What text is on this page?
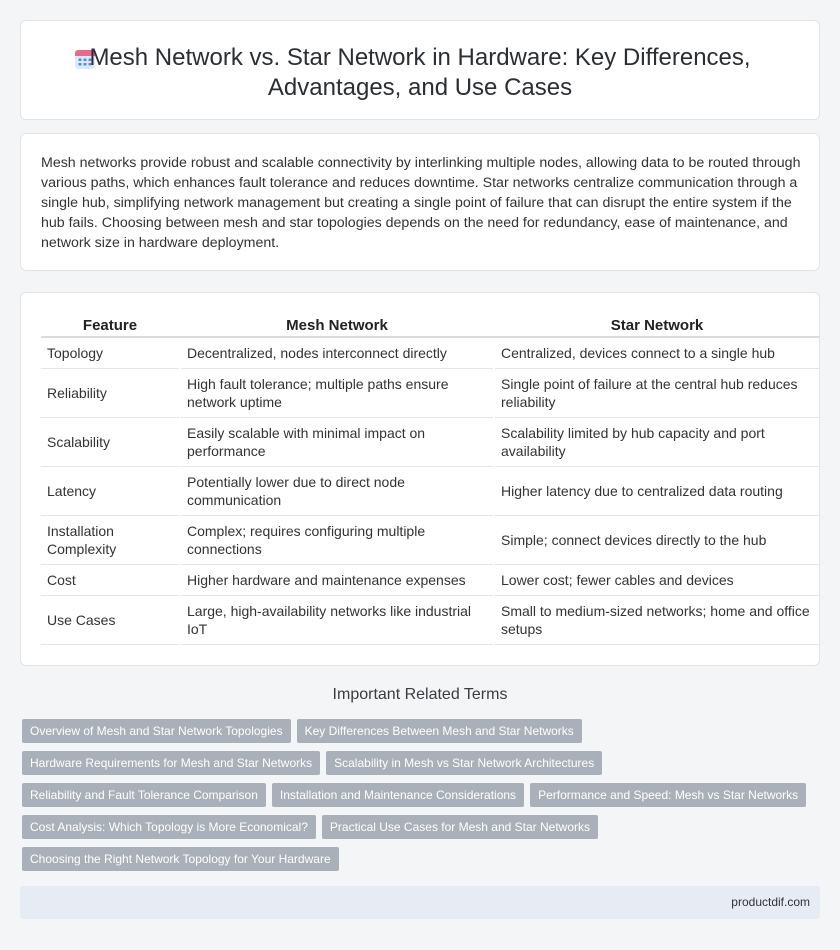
Mesh Network vs. Star Network in Hardware: Key Differences, Advantages, and Use Cases

Mesh networks provide robust and scalable connectivity by interlinking multiple nodes, allowing data to be routed through various paths, which enhances fault tolerance and reduces downtime. Star networks centralize communication through a single hub, simplifying network management but creating a single point of failure that can disrupt the entire system if the hub fails. Choosing between mesh and star topologies depends on the need for redundancy, ease of maintenance, and network size in hardware deployment.

Feature	Mesh Network	Star Network
Topology	Decentralized, nodes interconnect directly	Centralized, devices connect to a single hub
Reliability	High fault tolerance; multiple paths ensure network uptime	Single point of failure at the central hub reduces reliability
Scalability	Easily scalable with minimal impact on performance	Scalability limited by hub capacity and port availability
Latency	Potentially lower due to direct node communication	Higher latency due to centralized data routing
Installation Complexity	Complex; requires configuring multiple connections	Simple; connect devices directly to the hub
Cost	Higher hardware and maintenance expenses	Lower cost; fewer cables and devices
Use Cases	Large, high-availability networks like industrial IoT	Small to medium-sized networks; home and office setups
Important Related Terms
Overview of Mesh and Star Network Topologies Key Differences Between Mesh and Star Networks
Hardware Requirements for Mesh and Star Networks Scalability in Mesh vs Star Network Architectures
Reliability and Fault Tolerance Comparison Installation and Maintenance Considerations Performance and Speed: Mesh vs Star Networks
Cost Analysis: Which Topology is More Economical? Practical Use Cases for Mesh and Star Networks
Choosing the Right Network Topology for Your Hardware
productdif.com
